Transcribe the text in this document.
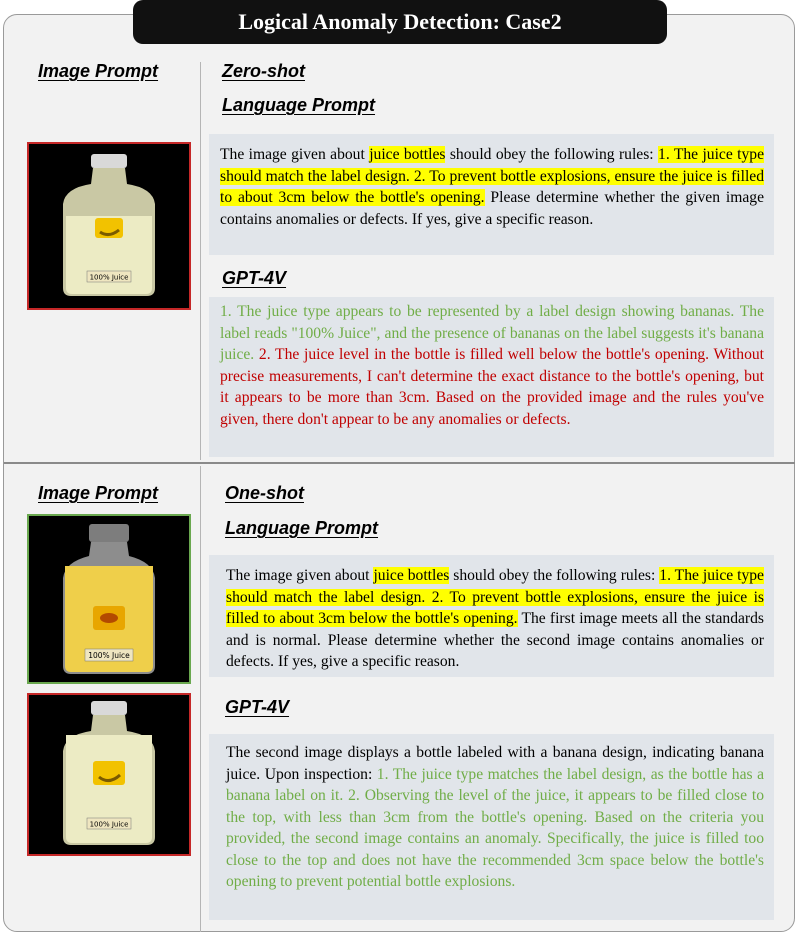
Logical Anomaly Detection: Case2
Image Prompt	Zero-shot
Language Prompt
100% Juice
The image given about juice bottles should obey the following rules: 1. The juice type should match the label design. 2. To prevent bottle explosions, ensure the juice is filled to about 3cm below the bottle's opening. Please determine whether the given image contains anomalies or defects. If yes, give a specific reason.
GPT-4V
1. The juice type appears to be represented by a label design showing bananas. The label reads "100% Juice", and the presence of bananas on the label suggests it's banana juice. 2. The juice level in the bottle is filled well below the bottle's opening. Without precise measurements, I can't determine the exact distance to the bottle's opening, but it appears to be more than 3cm. Based on the provided image and the rules you've given, there don't appear to be any anomalies or defects.
Image Prompt	One-shot
Language Prompt
100% Juice
100% Juice
The image given about juice bottles should obey the following rules: 1. The juice type should match the label design. 2. To prevent bottle explosions, ensure the juice is filled to about 3cm below the bottle's opening. The first image meets all the standards and is normal. Please determine whether the second image contains anomalies or defects. If yes, give a specific reason.
GPT-4V
The second image displays a bottle labeled with a banana design, indicating banana juice. Upon inspection: 1. The juice type matches the label design, as the bottle has a banana label on it. 2. Observing the level of the juice, it appears to be filled close to the top, with less than 3cm from the bottle's opening. Based on the criteria you provided, the second image contains an anomaly. Specifically, the juice is filled too close to the top and does not have the recommended 3cm space below the bottle's opening to prevent potential bottle explosions.
